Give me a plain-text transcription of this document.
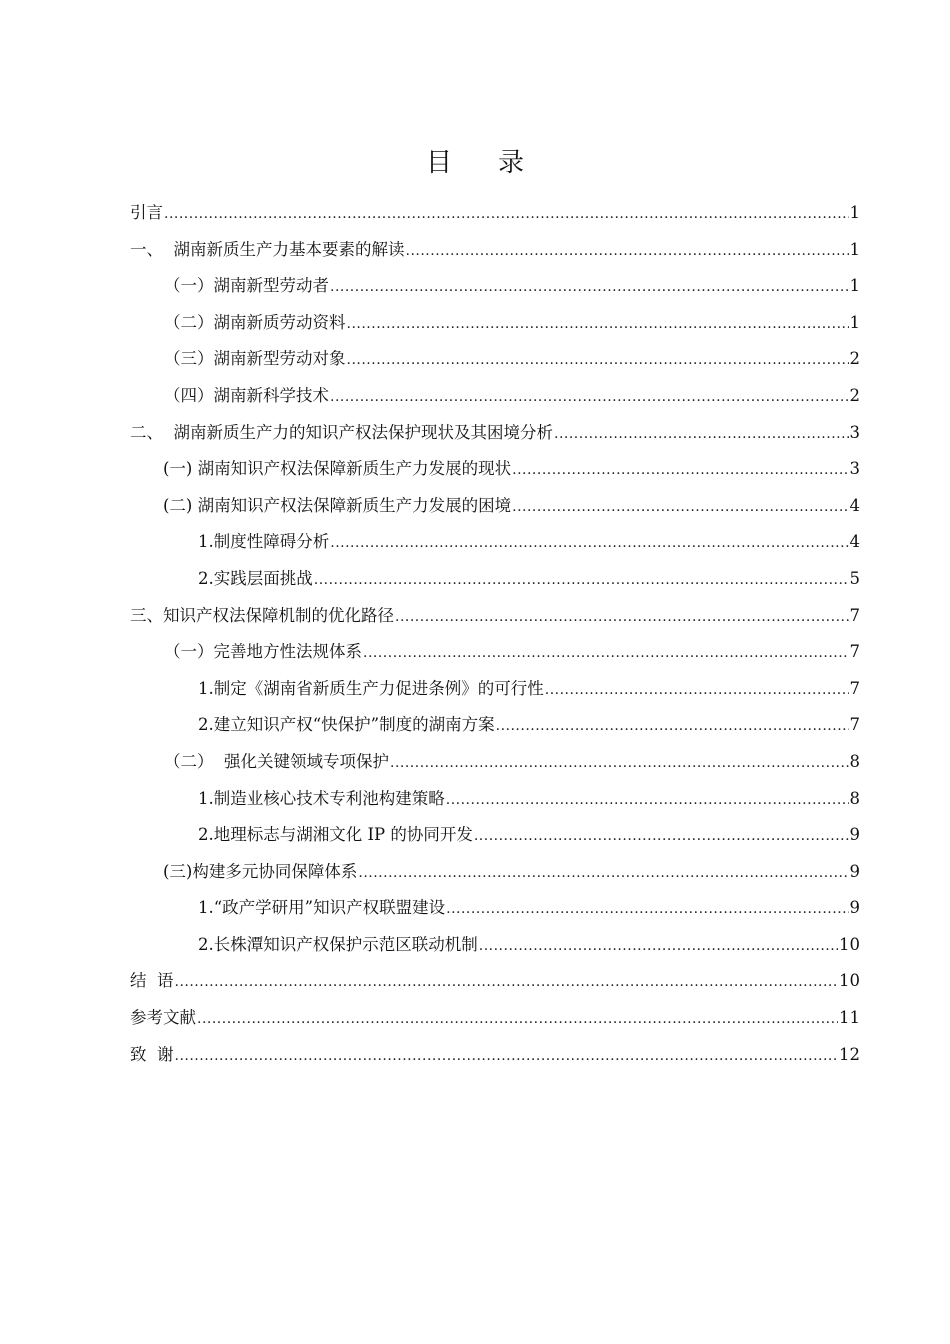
目录
引言 .....	1
一、  湖南新质生产力基本要素的解读 .....	1
（一）湖南新型劳动者 .....	1
（二）湖南新质劳动资料 .....	1
（三）湖南新型劳动对象 .....	2
（四）湖南新科学技术 .....	2
二、  湖南新质生产力的知识产权法保护现状及其困境分析 .....	3
(一) 湖南知识产权法保障新质生产力发展的现状 .....	3
(二) 湖南知识产权法保障新质生产力发展的困境 .....	4
1.制度性障碍分析 .....	4
2.实践层面挑战 .....	5
三、知识产权法保障机制的优化路径 .....	7
（一）完善地方性法规体系 .....	7
1.制定《湖南省新质生产力促进条例》的可行性 .....	7
2.建立知识产权“快保护”制度的湖南方案 .....	7
（二）  强化关键领域专项保护 .....	8
1.制造业核心技术专利池构建策略 .....	8
2.地理标志与湖湘文化 IP 的协同开发 .....	9
(三)构建多元协同保障体系 .....	9
1.“政产学研用”知识产权联盟建设 .....	9
2.长株潭知识产权保护示范区联动机制 .....	10
结  语 .....	10
参考文献 .....	11
致  谢 .....	12
